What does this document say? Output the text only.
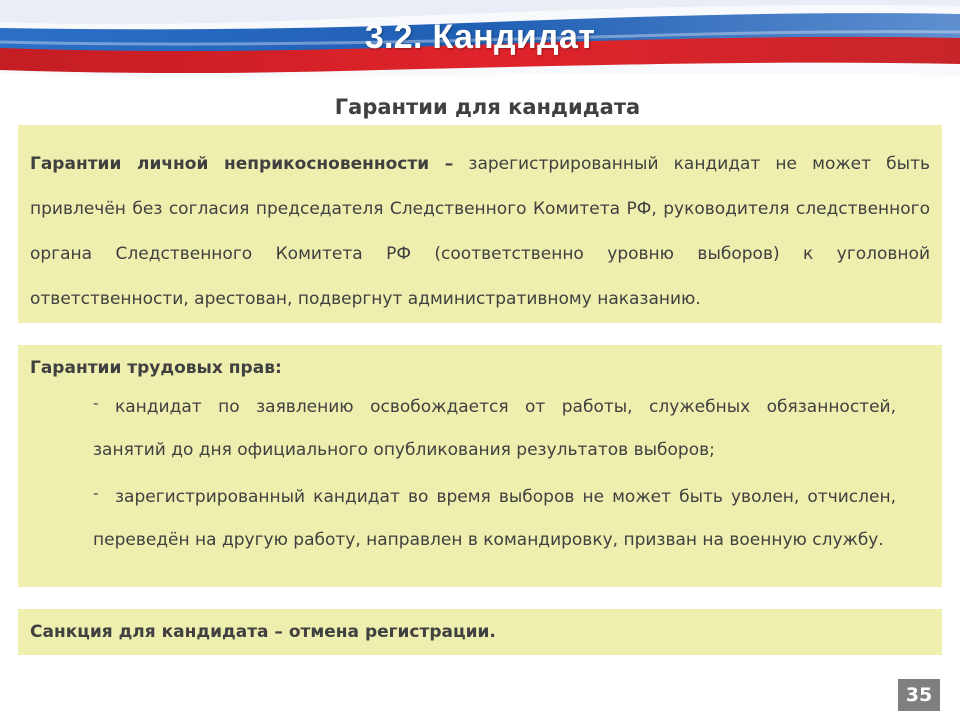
3.2. Кандидат
Гарантии для кандидата

Гарантии личной неприкосновенности – зарегистрированный кандидат не может быть привлечён без согласия председателя Следственного Комитета РФ, руководителя следственного органа Следственного Комитета РФ (соответственно уровню выборов) к уголовной ответственности, арестован, подвергнут административному наказанию.

Гарантии трудовых прав:

- кандидат по заявлению освобождается от работы, служебных обязанностей, занятий до дня официального опубликования результатов выборов;

- зарегистрированный кандидат во время выборов не может быть уволен, отчислен, переведён на другую работу, направлен в командировку, призван на военную службу.

Санкция для кандидата – отмена регистрации.
35
